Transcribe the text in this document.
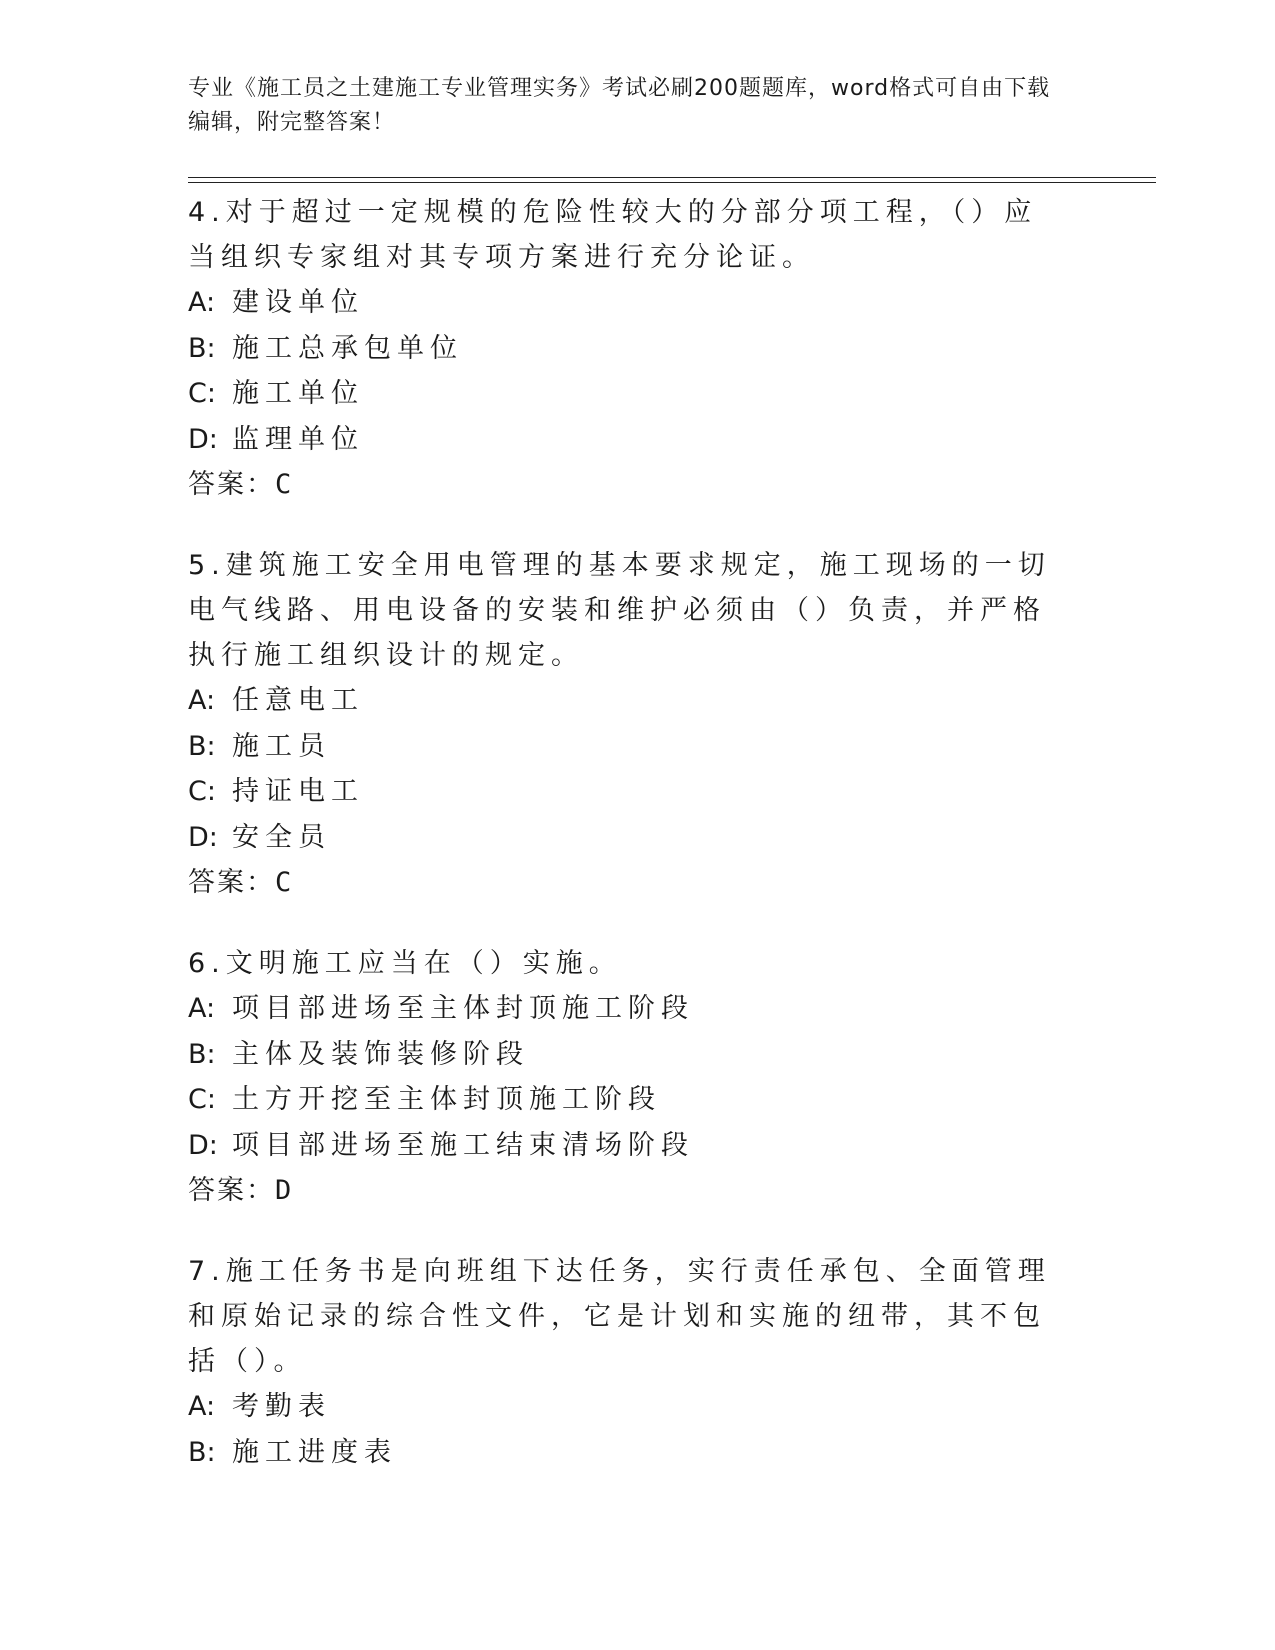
专业《施工员之土建施工专业管理实务》考试必刷200题题库，word格式可自由下载编辑，附完整答案！

4.对于超过一定规模的危险性较大的分部分项工程，（）应当组织专家组对其专项方案进行充分论证。

A: 建设单位
B: 施工总承包单位
C: 施工单位
D: 监理单位

答案：C

5.建筑施工安全用电管理的基本要求规定，施工现场的一切电气线路、用电设备的安装和维护必须由（）负责，并严格执行施工组织设计的规定。

A: 任意电工
B: 施工员
C: 持证电工
D: 安全员

答案：C

6.文明施工应当在（）实施。

A: 项目部进场至主体封顶施工阶段
B: 主体及装饰装修阶段
C: 土方开挖至主体封顶施工阶段
D: 项目部进场至施工结束清场阶段

答案：D

7.施工任务书是向班组下达任务，实行责任承包、全面管理和原始记录的综合性文件，它是计划和实施的纽带，其不包括（）。

A: 考勤表
B: 施工进度表
